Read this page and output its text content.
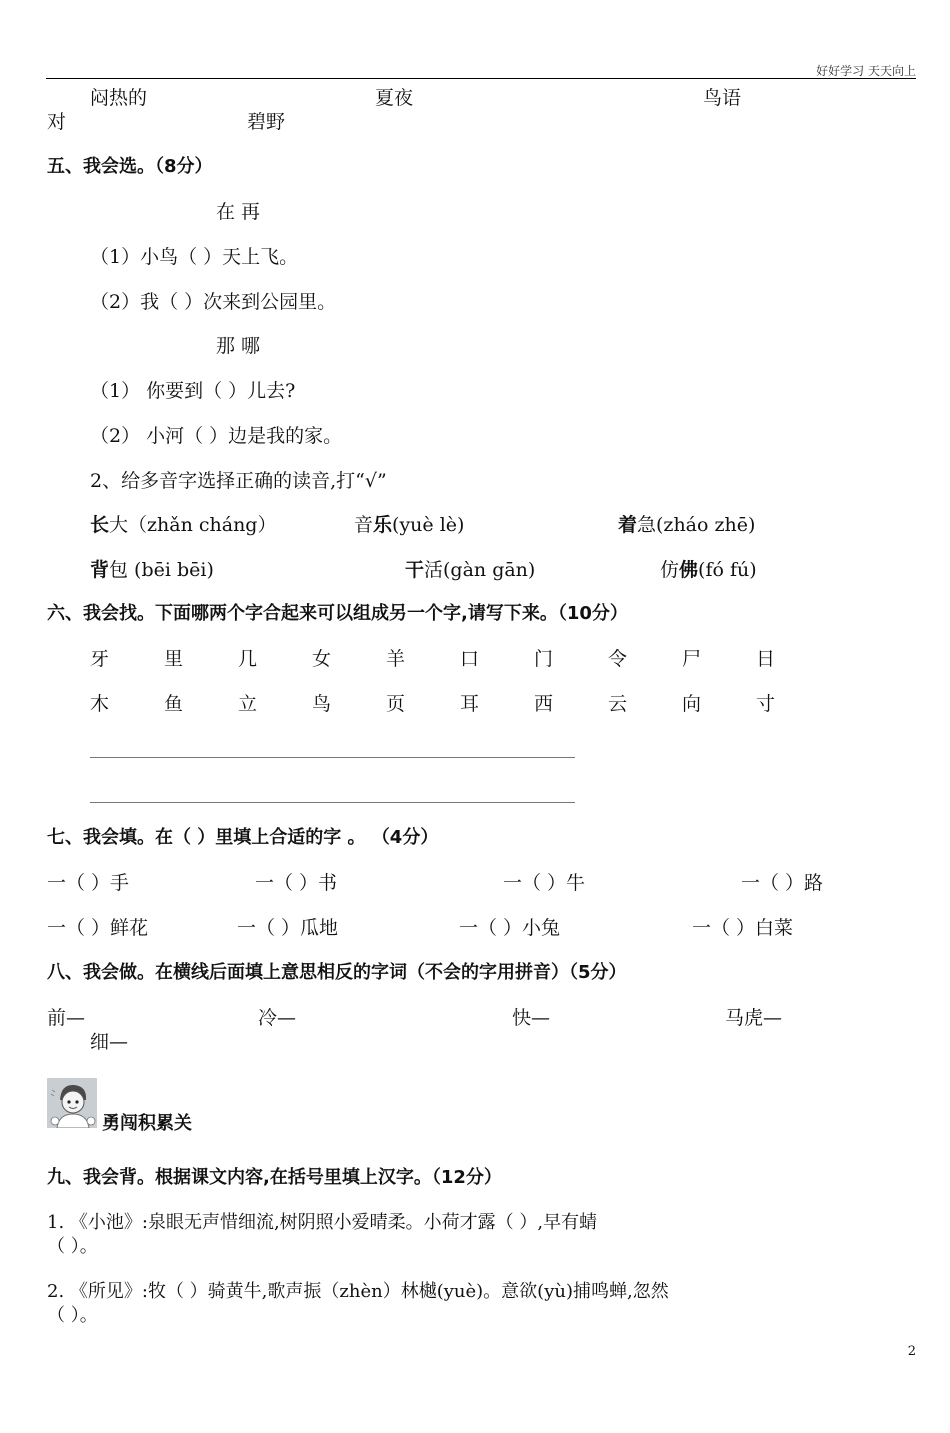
好好学习 天天向上
闷热的	夏夜	鸟语
对	碧野
五、我会选。（8分）
在 再
（1）小鸟（ ）天上飞。
（2）我（ ）次来到公园里。
那 哪
（1） 你要到（ ）儿去?
（2） 小河（ ）边是我的家。
2、给多音字选择正确的读音,打“√”
长大（zhǎn cháng）	音乐(yuè lè)	着急(zháo zhē)
背包 (bēi bēi)	干活(gàn gān)	仿佛(fó fú)
六、我会找。下面哪两个字合起来可以组成另一个字,请写下来。（10分）
牙	里	几	女	羊	口	门	令	尸	日
木	鱼	立	鸟	页	耳	西	云	向	寸
七、我会填。在（ ）里填上合适的字 。 （4分）
一（ ）手	一（ ）书	一（ ）牛	一（ ）路
一（ ）鲜花	一（ ）瓜地	一（ ）小兔	一（ ）白菜
八、我会做。在横线后面填上意思相反的字词（不会的字用拼音）（5分）
前—	冷—	快—	马虎—
细—
勇闯积累关
九、我会背。根据课文内容,在括号里填上汉字。（12分）
1. 《小池》:泉眼无声惜细流,树阴照小爱晴柔。小荷才露（ ）,早有蜻
（ ）。
2. 《所见》:牧（ ）骑黄牛,歌声振（zhèn）林樾(yuè)。意欲(yù)捕鸣蝉,忽然
（ ）。
2
